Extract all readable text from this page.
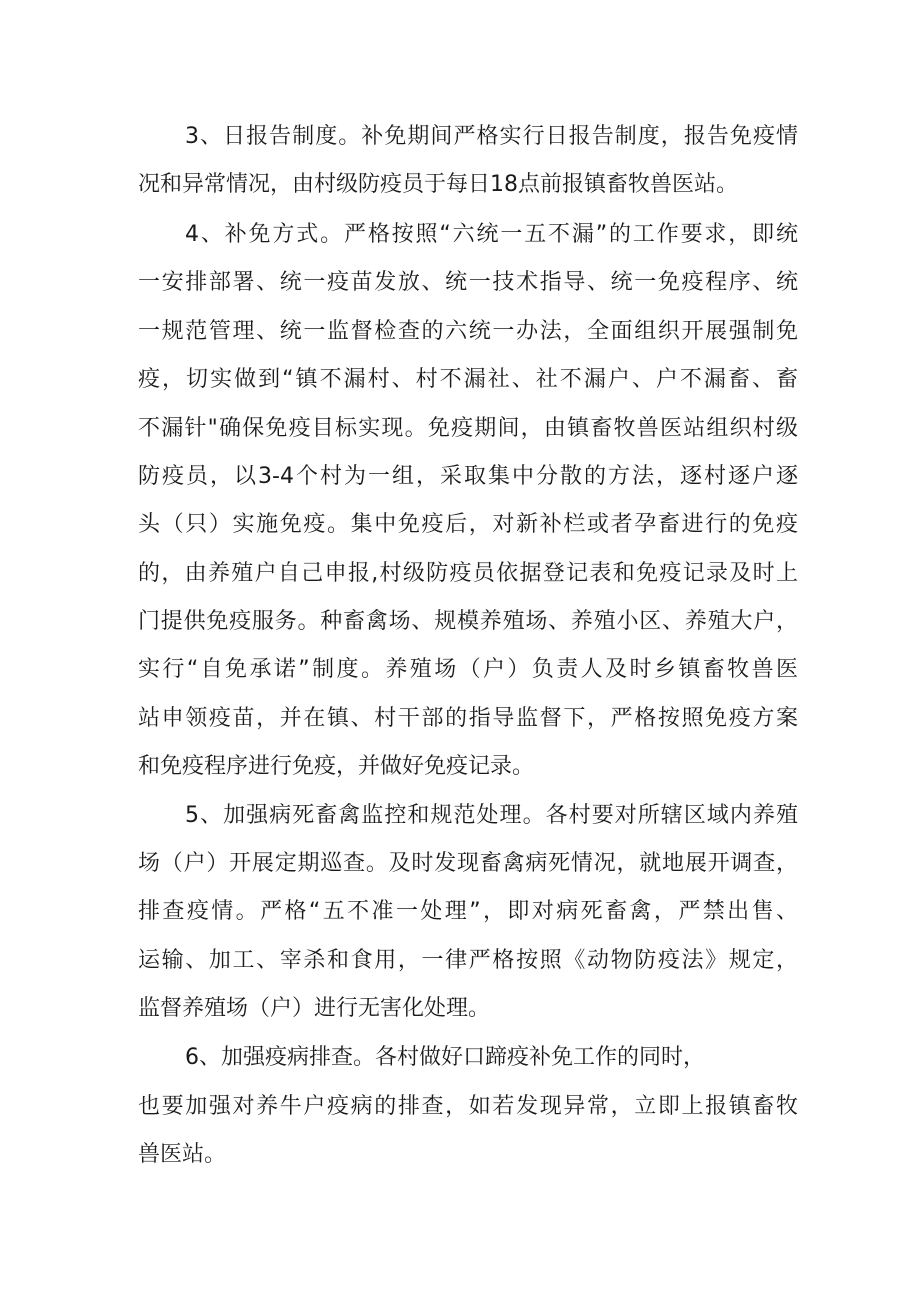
3、日报告制度。补免期间严格实行日报告制度，报告免疫情
况和异常情况，由村级防疫员于每日18点前报镇畜牧兽医站。
4、补免方式。严格按照“六统一五不漏”的工作要求，即统
一安排部署、统一疫苗发放、统一技术指导、统一免疫程序、统
一规范管理、统一监督检查的六统一办法，全面组织开展强制免
疫，切实做到“镇不漏村、村不漏社、社不漏户、户不漏畜、畜
不漏针"确保免疫目标实现。免疫期间，由镇畜牧兽医站组织村级
防疫员，以3-4个村为一组，采取集中分散的方法，逐村逐户逐
头（只）实施免疫。集中免疫后，对新补栏或者孕畜进行的免疫
的，由养殖户自己申报,村级防疫员依据登记表和免疫记录及时上
门提供免疫服务。种畜禽场、规模养殖场、养殖小区、养殖大户，
实行“自免承诺”制度。养殖场（户）负责人及时乡镇畜牧兽医
站申领疫苗，并在镇、村干部的指导监督下，严格按照免疫方案
和免疫程序进行免疫，并做好免疫记录。
5、加强病死畜禽监控和规范处理。各村要对所辖区域内养殖
场（户）开展定期巡查。及时发现畜禽病死情况，就地展开调查，
排查疫情。严格“五不准一处理”，即对病死畜禽，严禁出售、
运输、加工、宰杀和食用，一律严格按照《动物防疫法》规定，
监督养殖场（户）进行无害化处理。
6、加强疫病排查。各村做好口蹄疫补免工作的同时，
也要加强对养牛户疫病的排查，如若发现异常，立即上报镇畜牧
兽医站。
